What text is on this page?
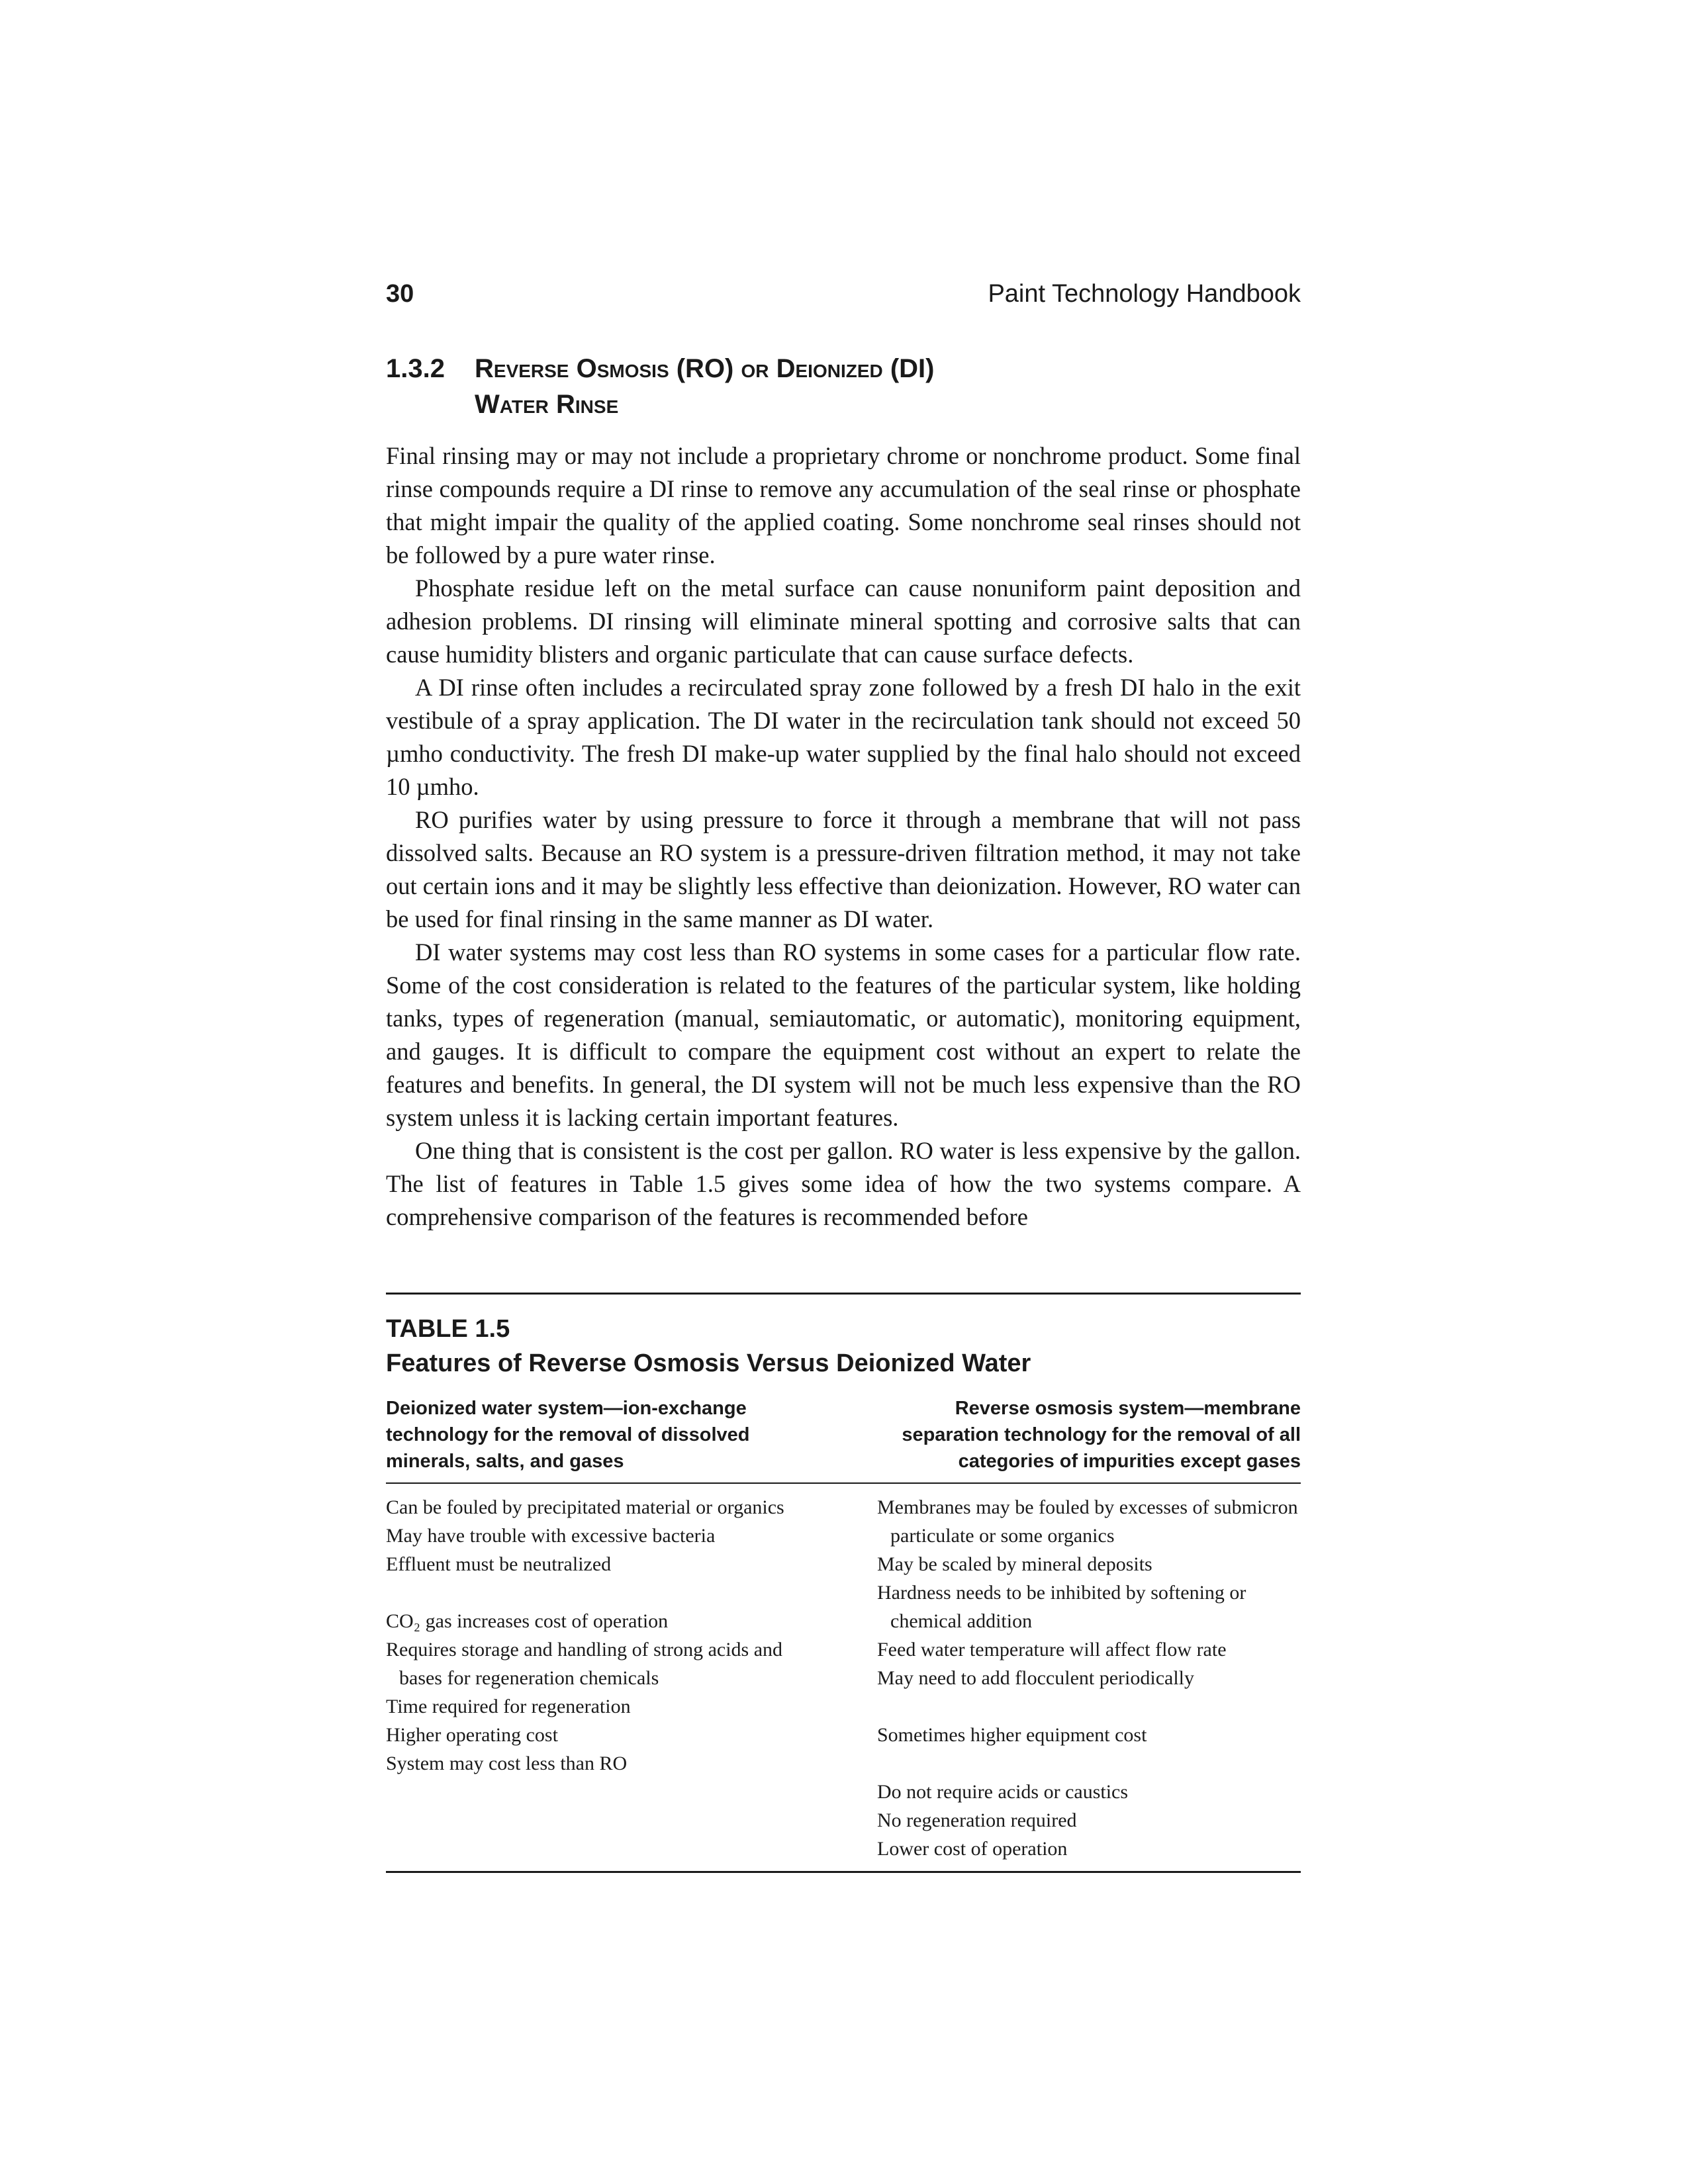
30	Paint Technology Handbook
1.3.2	Reverse Osmosis (RO) or Deionized (DI)
Water Rinse

Final rinsing may or may not include a proprietary chrome or nonchrome product. Some final rinse compounds require a DI rinse to remove any accumulation of the seal rinse or phosphate that might impair the quality of the applied coating. Some nonchrome seal rinses should not be followed by a pure water rinse.

Phosphate residue left on the metal surface can cause nonuniform paint deposition and adhesion problems. DI rinsing will eliminate mineral spotting and corrosive salts that can cause humidity blisters and organic particulate that can cause surface defects.

A DI rinse often includes a recirculated spray zone followed by a fresh DI halo in the exit vestibule of a spray application. The DI water in the recirculation tank should not exceed 50 µmho conductivity. The fresh DI make-up water supplied by the final halo should not exceed 10 µmho.

RO purifies water by using pressure to force it through a membrane that will not pass dissolved salts. Because an RO system is a pressure-driven filtration method, it may not take out certain ions and it may be slightly less effective than deionization. However, RO water can be used for final rinsing in the same manner as DI water.

DI water systems may cost less than RO systems in some cases for a particular flow rate. Some of the cost consideration is related to the features of the particular system, like holding tanks, types of regeneration (manual, semiautomatic, or automatic), monitoring equipment, and gauges. It is difficult to compare the equipment cost without an expert to relate the features and benefits. In general, the DI system will not be much less expensive than the RO system unless it is lacking certain important features.

One thing that is consistent is the cost per gallon. RO water is less expensive by the gallon. The list of features in Table 1.5 gives some idea of how the two systems compare. A comprehensive comparison of the features is recommended before

TABLE 1.5
Features of Reverse Osmosis Versus Deionized Water
Deionized water system—ion-exchange technology for the removal of dissolved minerals, salts, and gases
Reverse osmosis system—membrane separation technology for the removal of all categories of impurities except gases
Can be fouled by precipitated material or organics
May have trouble with excessive bacteria
Effluent must be neutralized
CO₂ gas increases cost of operation
Requires storage and handling of strong acids and bases for regeneration chemicals
Time required for regeneration
Higher operating cost
System may cost less than RO
Membranes may be fouled by excesses of submicron particulate or some organics
May be scaled by mineral deposits
Hardness needs to be inhibited by softening or chemical addition
Feed water temperature will affect flow rate
May need to add flocculent periodically
Sometimes higher equipment cost
Do not require acids or caustics
No regeneration required
Lower cost of operation
